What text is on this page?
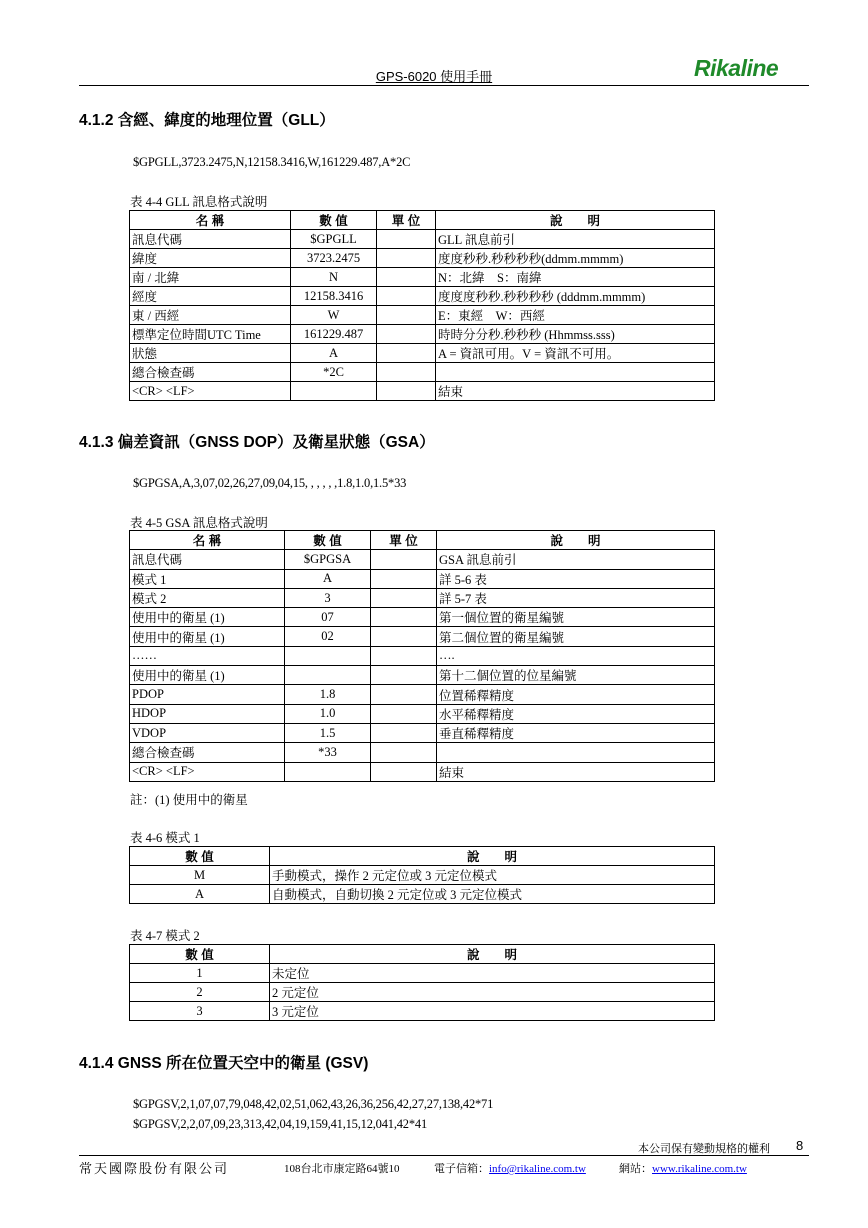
GPS-6020 使用手冊	Rikaline
4.1.2 含經、緯度的地理位置（GLL）
$GPGLL,3723.2475,N,12158.3416,W,161229.487,A*2C
表 4-4 GLL 訊息格式說明
名 稱	數 值	單 位	說　　明
訊息代碼	$GPGLL		GLL 訊息前引
緯度	3723.2475		度度秒秒.秒秒秒秒(ddmm.mmmm)
南 / 北緯	N		N：北緯　S：南緯
經度	12158.3416		度度度秒秒.秒秒秒秒 (dddmm.mmmm)
東 / 西經	W		E：東經　W：西經
標準定位時間UTC Time	161229.487		時時分分秒.秒秒秒 (Hhmmss.sss)
狀態	A		A = 資訊可用。V = 資訊不可用。
總合檢查碼	*2C		
<CR> <LF>			結束
4.1.3 偏差資訊（GNSS DOP）及衛星狀態（GSA）
$GPGSA,A,3,07,02,26,27,09,04,15, , , , , ,1.8,1.0,1.5*33
表 4-5 GSA 訊息格式說明
名 稱	數 值	單 位	說　　明
訊息代碼	$GPGSA		GSA 訊息前引
模式 1	A		詳 5-6 表
模式 2	3		詳 5-7 表
使用中的衛星 (1)	07		第一個位置的衛星編號
使用中的衛星 (1)	02		第二個位置的衛星編號
……			….
使用中的衛星 (1)			第十二個位置的位星編號
PDOP	1.8		位置稀釋精度
HDOP	1.0		水平稀釋精度
VDOP	1.5		垂直稀釋精度
總合檢查碼	*33		
<CR> <LF>			結束
註：(1) 使用中的衛星
表 4-6 模式 1
數 值	說　　明
M	手動模式，操作 2 元定位或 3 元定位模式
A	自動模式，自動切換 2 元定位或 3 元定位模式
表 4-7 模式 2
數 值	說　　明
1	未定位
2	2 元定位
3	3 元定位
4.1.4 GNSS 所在位置天空中的衛星 (GSV)
$GPGSV,2,1,07,07,79,048,42,02,51,062,43,26,36,256,42,27,27,138,42*71
$GPGSV,2,2,07,09,23,313,42,04,19,159,41,15,12,041,42*41
本公司保有變動規格的權利 8
常天國際股份有限公司	108台北市康定路64號10	電子信箱：info@rikaline.com.tw	網站：www.rikaline.com.tw
